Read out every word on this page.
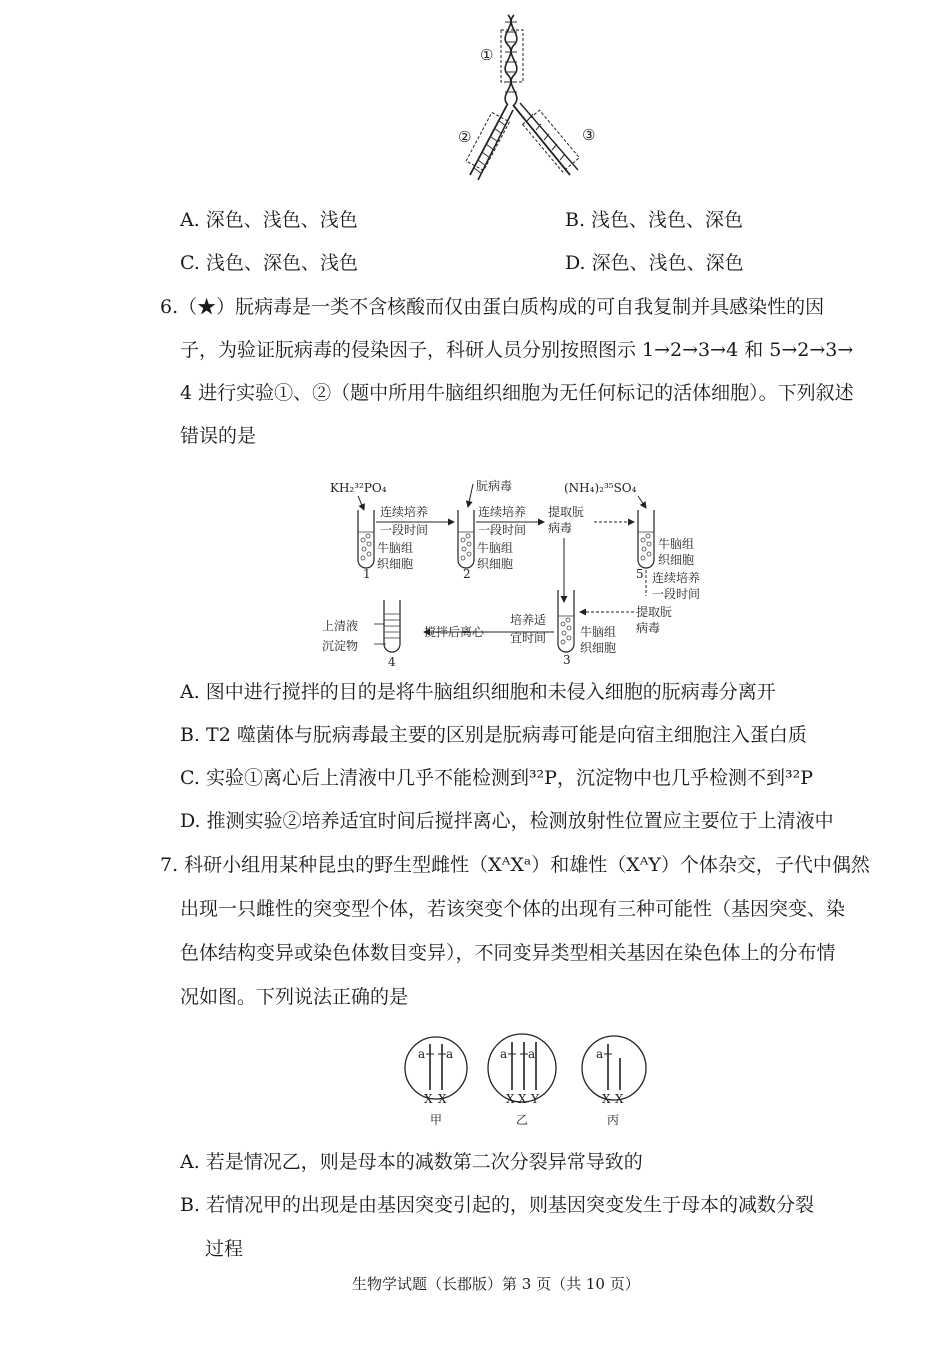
①
②	③
A. 深色、浅色、浅色	B. 浅色、浅色、深色
C. 浅色、深色、浅色	D. 深色、浅色、深色
6.（★）朊病毒是一类不含核酸而仅由蛋白质构成的可自我复制并具感染性的因
子，为验证朊病毒的侵染因子，科研人员分别按照图示 1→2→3→4 和 5→2→3→
4 进行实验①、②（题中所用牛脑组织细胞为无任何标记的活体细胞）。下列叙述
错误的是
KH₂³²PO₄	朊病毒	(NH₄)₂³⁵SO₄
1
牛脑组
织细胞
连续培养
一段时间
2
牛脑组
织细胞
连续培养
一段时间
提取朊
病毒
5
牛脑组
织细胞
连续培养
一段时间
提取朊
病毒
3
牛脑组
织细胞
培养适
宜时间
搅拌后离心
上清液
沉淀物
4
A. 图中进行搅拌的目的是将牛脑组织细胞和未侵入细胞的朊病毒分离开
B. T2 噬菌体与朊病毒最主要的区别是朊病毒可能是向宿主细胞注入蛋白质
C. 实验①离心后上清液中几乎不能检测到³²P，沉淀物中也几乎检测不到³²P
D. 推测实验②培养适宜时间后搅拌离心，检测放射性位置应主要位于上清液中
7. 科研小组用某种昆虫的野生型雌性（XᴬXᵃ）和雄性（XᴬY）个体杂交，子代中偶然
出现一只雌性的突变型个体，若该突变个体的出现有三种可能性（基因突变、染
色体结构变异或染色体数目变异），不同变异类型相关基因在染色体上的分布情
况如图。下列说法正确的是
a a
X X
甲
a a
X X Y
乙
a
X X
丙
A. 若是情况乙，则是母本的减数第二次分裂异常导致的
B. 若情况甲的出现是由基因突变引起的，则基因突变发生于母本的减数分裂
过程
生物学试题（长郡版）第 3 页（共 10 页）
